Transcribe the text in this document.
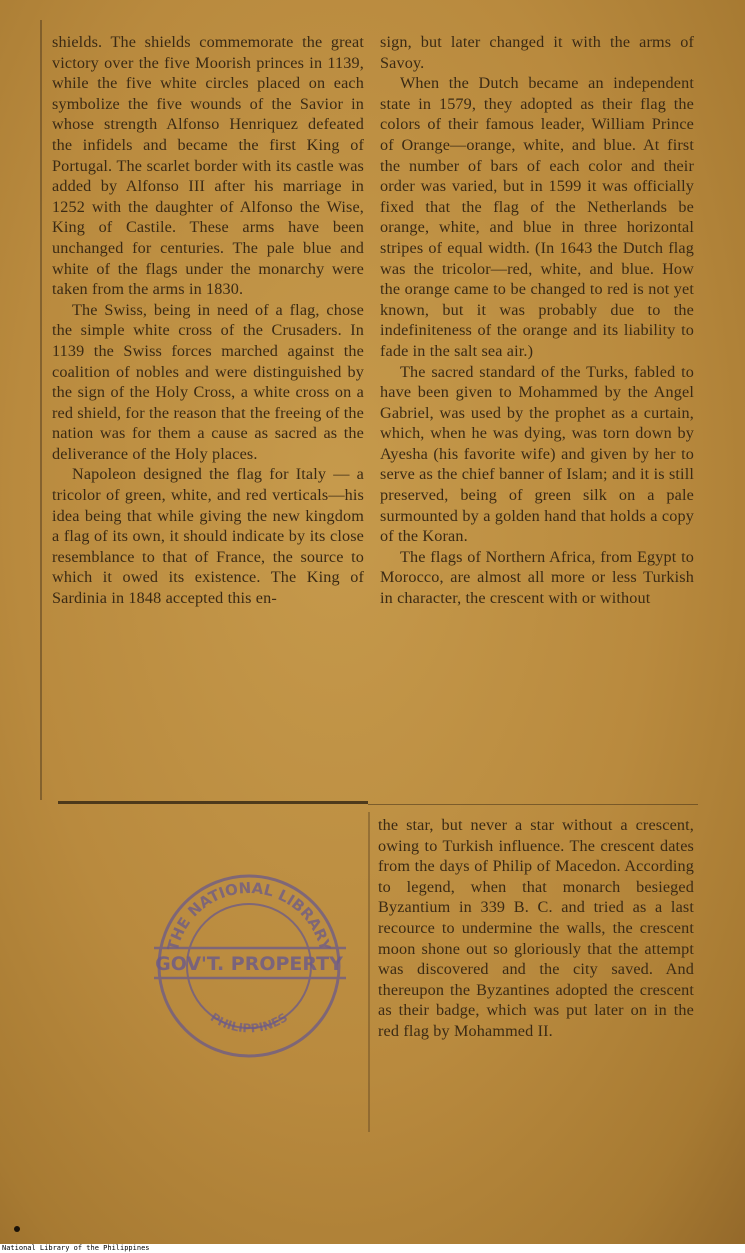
shields. The shields commemorate the great victory over the five Moorish princes in 1139, while the five white circles placed on each symbolize the five wounds of the Savior in whose strength Alfonso Henriquez defeated the infidels and became the first King of Portugal. The scarlet border with its castle was added by Alfonso III after his marriage in 1252 with the daughter of Alfonso the Wise, King of Castile. These arms have been unchanged for centuries. The pale blue and white of the flags under the monarchy were taken from the arms in 1830.

The Swiss, being in need of a flag, chose the simple white cross of the Crusaders. In 1139 the Swiss forces marched against the coalition of nobles and were distinguished by the sign of the Holy Cross, a white cross on a red shield, for the reason that the freeing of the nation was for them a cause as sacred as the deliverance of the Holy places.

Napoleon designed the flag for Italy — a tricolor of green, white, and red verticals—his idea being that while giving the new kingdom a flag of its own, it should indicate by its close resemblance to that of France, the source to which it owed its existence. The King of Sardinia in 1848 accepted this en-

sign, but later changed it with the arms of Savoy.

When the Dutch became an independent state in 1579, they adopted as their flag the colors of their famous leader, William Prince of Orange—orange, white, and blue. At first the number of bars of each color and their order was varied, but in 1599 it was officially fixed that the flag of the Netherlands be orange, white, and blue in three horizontal stripes of equal width. (In 1643 the Dutch flag was the tricolor—red, white, and blue. How the orange came to be changed to red is not yet known, but it was probably due to the indefiniteness of the orange and its liability to fade in the salt sea air.)

The sacred standard of the Turks, fabled to have been given to Mohammed by the Angel Gabriel, was used by the prophet as a curtain, which, when he was dying, was torn down by Ayesha (his favorite wife) and given by her to serve as the chief banner of Islam; and it is still preserved, being of green silk on a pale surmounted by a golden hand that holds a copy of the Koran.

The flags of Northern Africa, from Egypt to Morocco, are almost all more or less Turkish in character, the crescent with or without

the star, but never a star without a crescent, owing to Turkish influence. The crescent dates from the days of Philip of Macedon. According to legend, when that monarch besieged Byzantium in 339 B. C. and tried as a last recource to undermine the walls, the crescent moon shone out so gloriously that the attempt was discovered and the city saved. And thereupon the Byzantines adopted the crescent as their badge, which was put later on in the red flag by Mohammed II.

THE NATIONAL LIBRARY
GOV'T. PROPERTY
PHILIPPINES
National Library of the Philippines
